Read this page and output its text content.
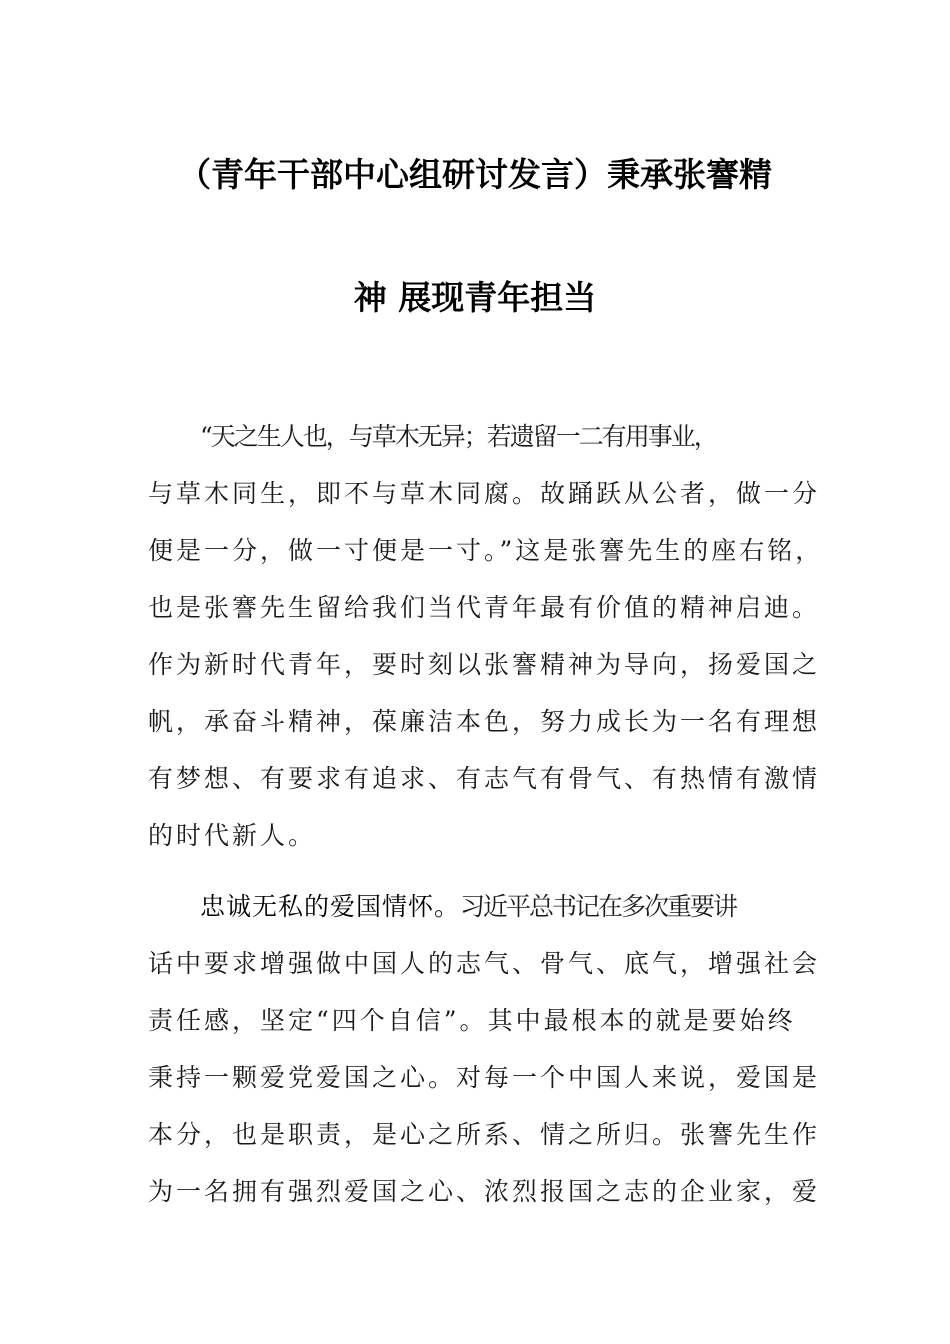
（青年干部中心组研讨发言）秉承张謇精
神 展现青年担当
“天之生人也，与草木无异；若遗留一二有用事业，
与草木同生，即不与草木同腐。故踊跃从公者，做一分
便是一分，做一寸便是一寸。”这是张謇先生的座右铭，
也是张謇先生留给我们当代青年最有价值的精神启迪。
作为新时代青年，要时刻以张謇精神为导向，扬爱国之
帆，承奋斗精神，葆廉洁本色，努力成长为一名有理想
有梦想、有要求有追求、有志气有骨气、有热情有激情
的时代新人。
忠诚无私的爱国情怀。习近平总书记在多次重要讲
话中要求增强做中国人的志气、骨气、底气，增强社会
责任感，坚定“四个自信”。其中最根本的就是要始终
秉持一颗爱党爱国之心。对每一个中国人来说，爱国是
本分，也是职责，是心之所系、情之所归。张謇先生作
为一名拥有强烈爱国之心、浓烈报国之志的企业家，爱
